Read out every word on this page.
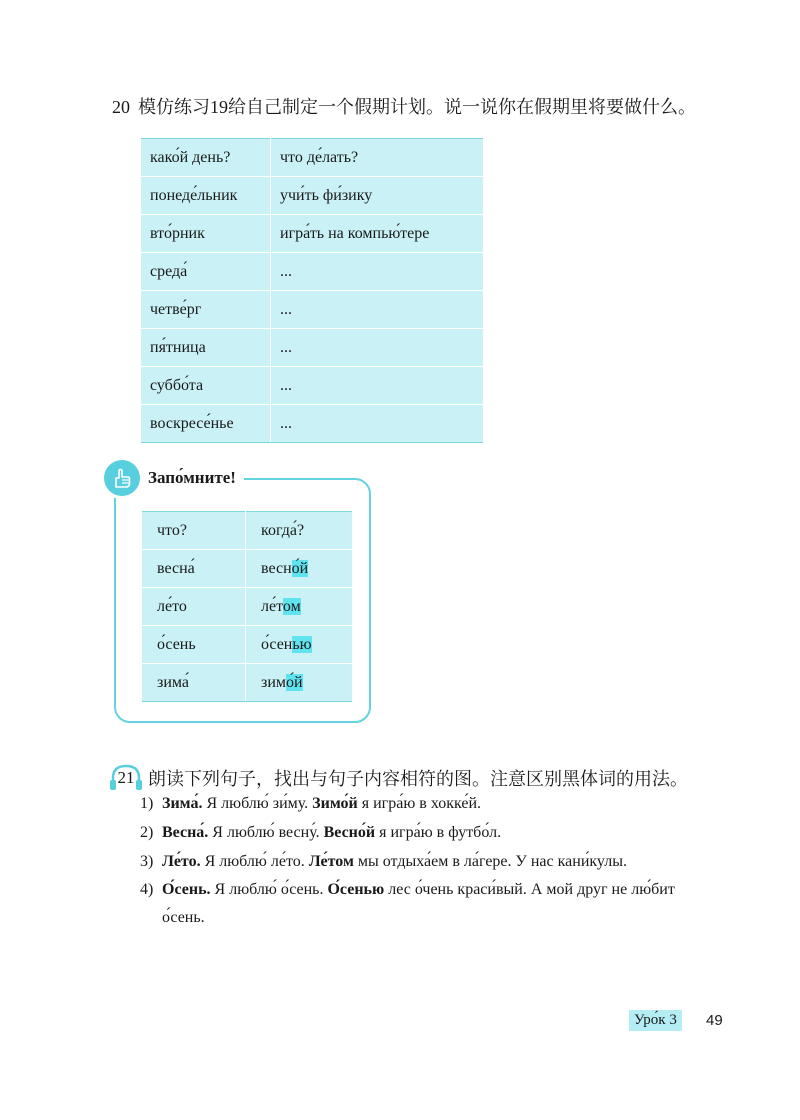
20 模仿练习19给自己制定一个假期计划。说一说你在假期里将要做什么。
како́й день?	что де́лать?
понеде́льник	учи́ть фи́зику
вто́рник	игра́ть на компью́тере
среда́	...
четве́рг	...
пя́тница	...
суббо́та	...
воскресе́нье	...
Запо́мните!
что?	когда́?
весна́	весно́й
ле́то	ле́том
о́сень	о́сенью
зима́	зимо́й
21 朗读下列句子，找出与句子内容相符的图。注意区别黑体词的用法。
1) Зима́. Я люблю́ зи́му. Зимо́й я игра́ю в хокке́й.
2) Весна́. Я люблю́ весну́. Весно́й я игра́ю в футбо́л.
3) Ле́то. Я люблю́ ле́то. Ле́том мы отдыха́ем в ла́гере. У нас кани́кулы.
4) О́сень. Я люблю́ о́сень. О́сенью лес о́чень краси́вый. А мой друг не лю́бит
о́сень.
Уро́к 3	49
